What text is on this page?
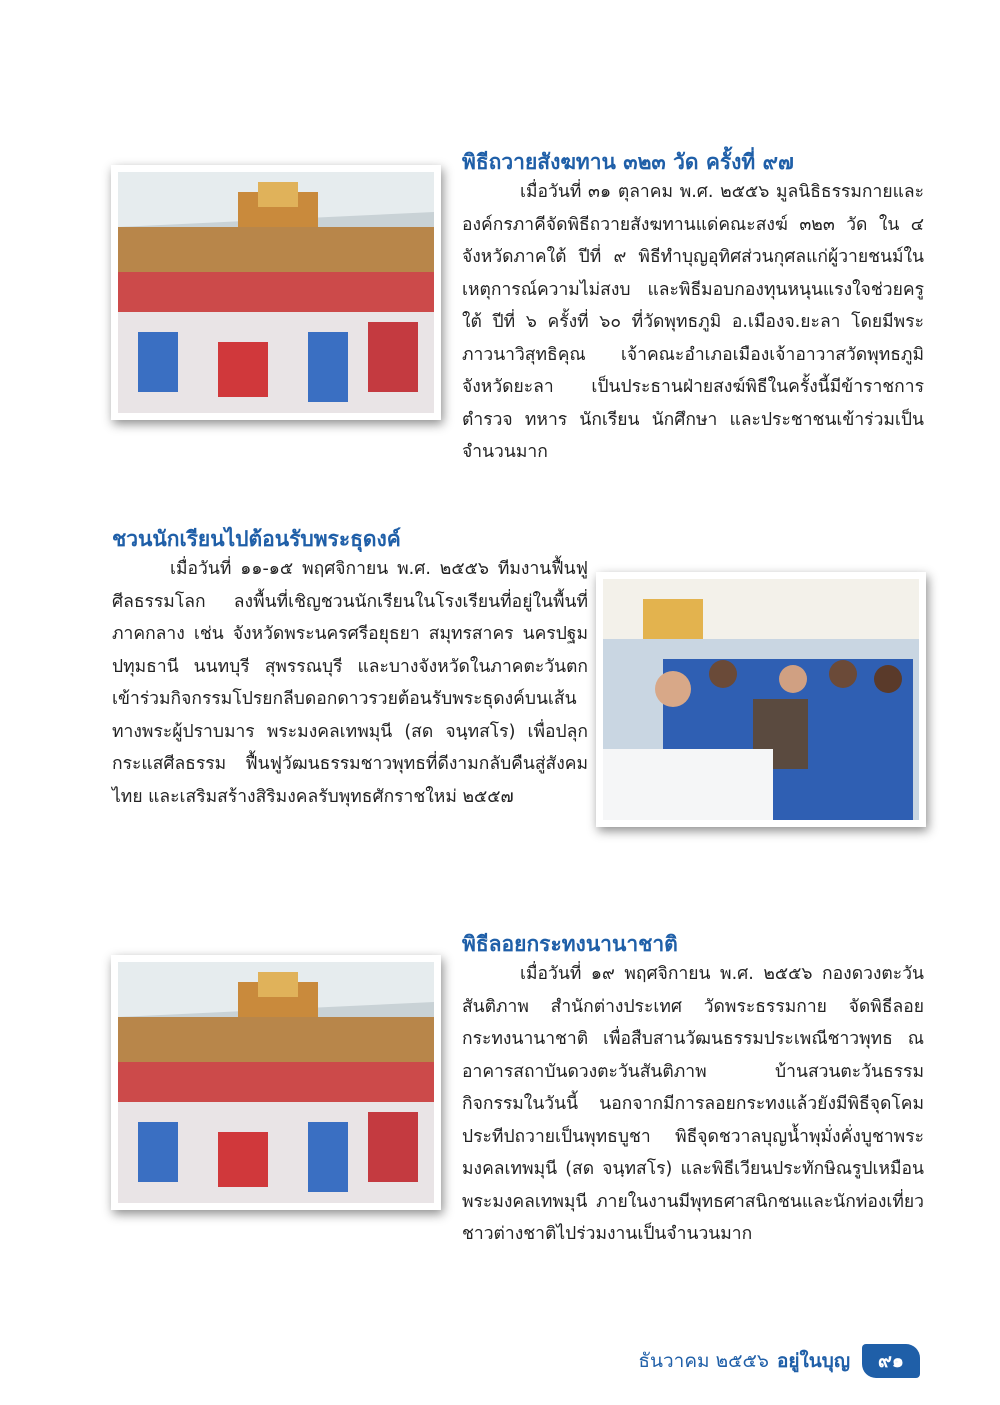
พิธีถวายสังฆทาน ๓๒๓ วัด ครั้งที่ ๙๗

เมื่อวันที่ ๓๑ ตุลาคม พ.ศ. ๒๕๕๖ มูลนิธิธรรมกายและองค์กรภาคีจัดพิธีถวายสังฆทานแด่คณะสงฆ์ ๓๒๓ วัด ใน ๔ จังหวัดภาคใต้ ปีที่ ๙ พิธีทำบุญอุทิศส่วนกุศลแก่ผู้วายชนม์ในเหตุการณ์ความไม่สงบ และพิธีมอบกองทุนหนุนแรงใจช่วยครูใต้ ปีที่ ๖ ครั้งที่ ๖๐ ที่วัดพุทธภูมิ อ.เมืองจ.ยะลา โดยมีพระภาวนาวิสุทธิคุณ เจ้าคณะอำเภอเมืองเจ้าอาวาสวัดพุทธภูมิ จังหวัดยะลา เป็นประธานฝ่ายสงฆ์พิธีในครั้งนี้มีข้าราชการตำรวจ ทหาร นักเรียน นักศึกษา และประชาชนเข้าร่วมเป็นจำนวนมาก

ชวนนักเรียนไปต้อนรับพระธุดงค์

เมื่อวันที่ ๑๑-๑๕ พฤศจิกายน พ.ศ. ๒๕๕๖ ทีมงานฟื้นฟูศีลธรรมโลก ลงพื้นที่เชิญชวนนักเรียนในโรงเรียนที่อยู่ในพื้นที่ภาคกลาง เช่น จังหวัดพระนครศรีอยุธยา สมุทรสาคร นครปฐม ปทุมธานี นนทบุรี สุพรรณบุรี และบางจังหวัดในภาคตะวันตก เข้าร่วมกิจกรรมโปรยกลีบดอกดาวรวยต้อนรับพระธุดงค์บนเส้นทางพระผู้ปราบมาร พระมงคลเทพมุนี (สด จนฺทสโร) เพื่อปลุกกระแสศีลธรรม ฟื้นฟูวัฒนธรรมชาวพุทธที่ดีงามกลับคืนสู่สังคมไทย และเสริมสร้างสิริมงคลรับพุทธศักราชใหม่ ๒๕๕๗

พิธีลอยกระทงนานาชาติ

เมื่อวันที่ ๑๙ พฤศจิกายน พ.ศ. ๒๕๕๖ กองดวงตะวันสันติภาพ สำนักต่างประเทศ วัดพระธรรมกาย จัดพิธีลอยกระทงนานาชาติ เพื่อสืบสานวัฒนธรรมประเพณีชาวพุทธ ณ อาคารสถาบันดวงตะวันสันติภาพ บ้านสวนตะวันธรรม กิจกรรมในวันนี้ นอกจากมีการลอยกระทงแล้วยังมีพิธีจุดโคมประทีปถวายเป็นพุทธบูชา พิธีจุดชวาลบุญน้ำพุมั่งคั่งบูชาพระมงคลเทพมุนี (สด จนฺทสโร) และพิธีเวียนประทักษิณรูปเหมือนพระมงคลเทพมุนี ภายในงานมีพุทธศาสนิกชนและนักท่องเที่ยวชาวต่างชาติไปร่วมงานเป็นจำนวนมาก

ธันวาคม ๒๕๕๖ อยู่ในบุญ	๙๑
